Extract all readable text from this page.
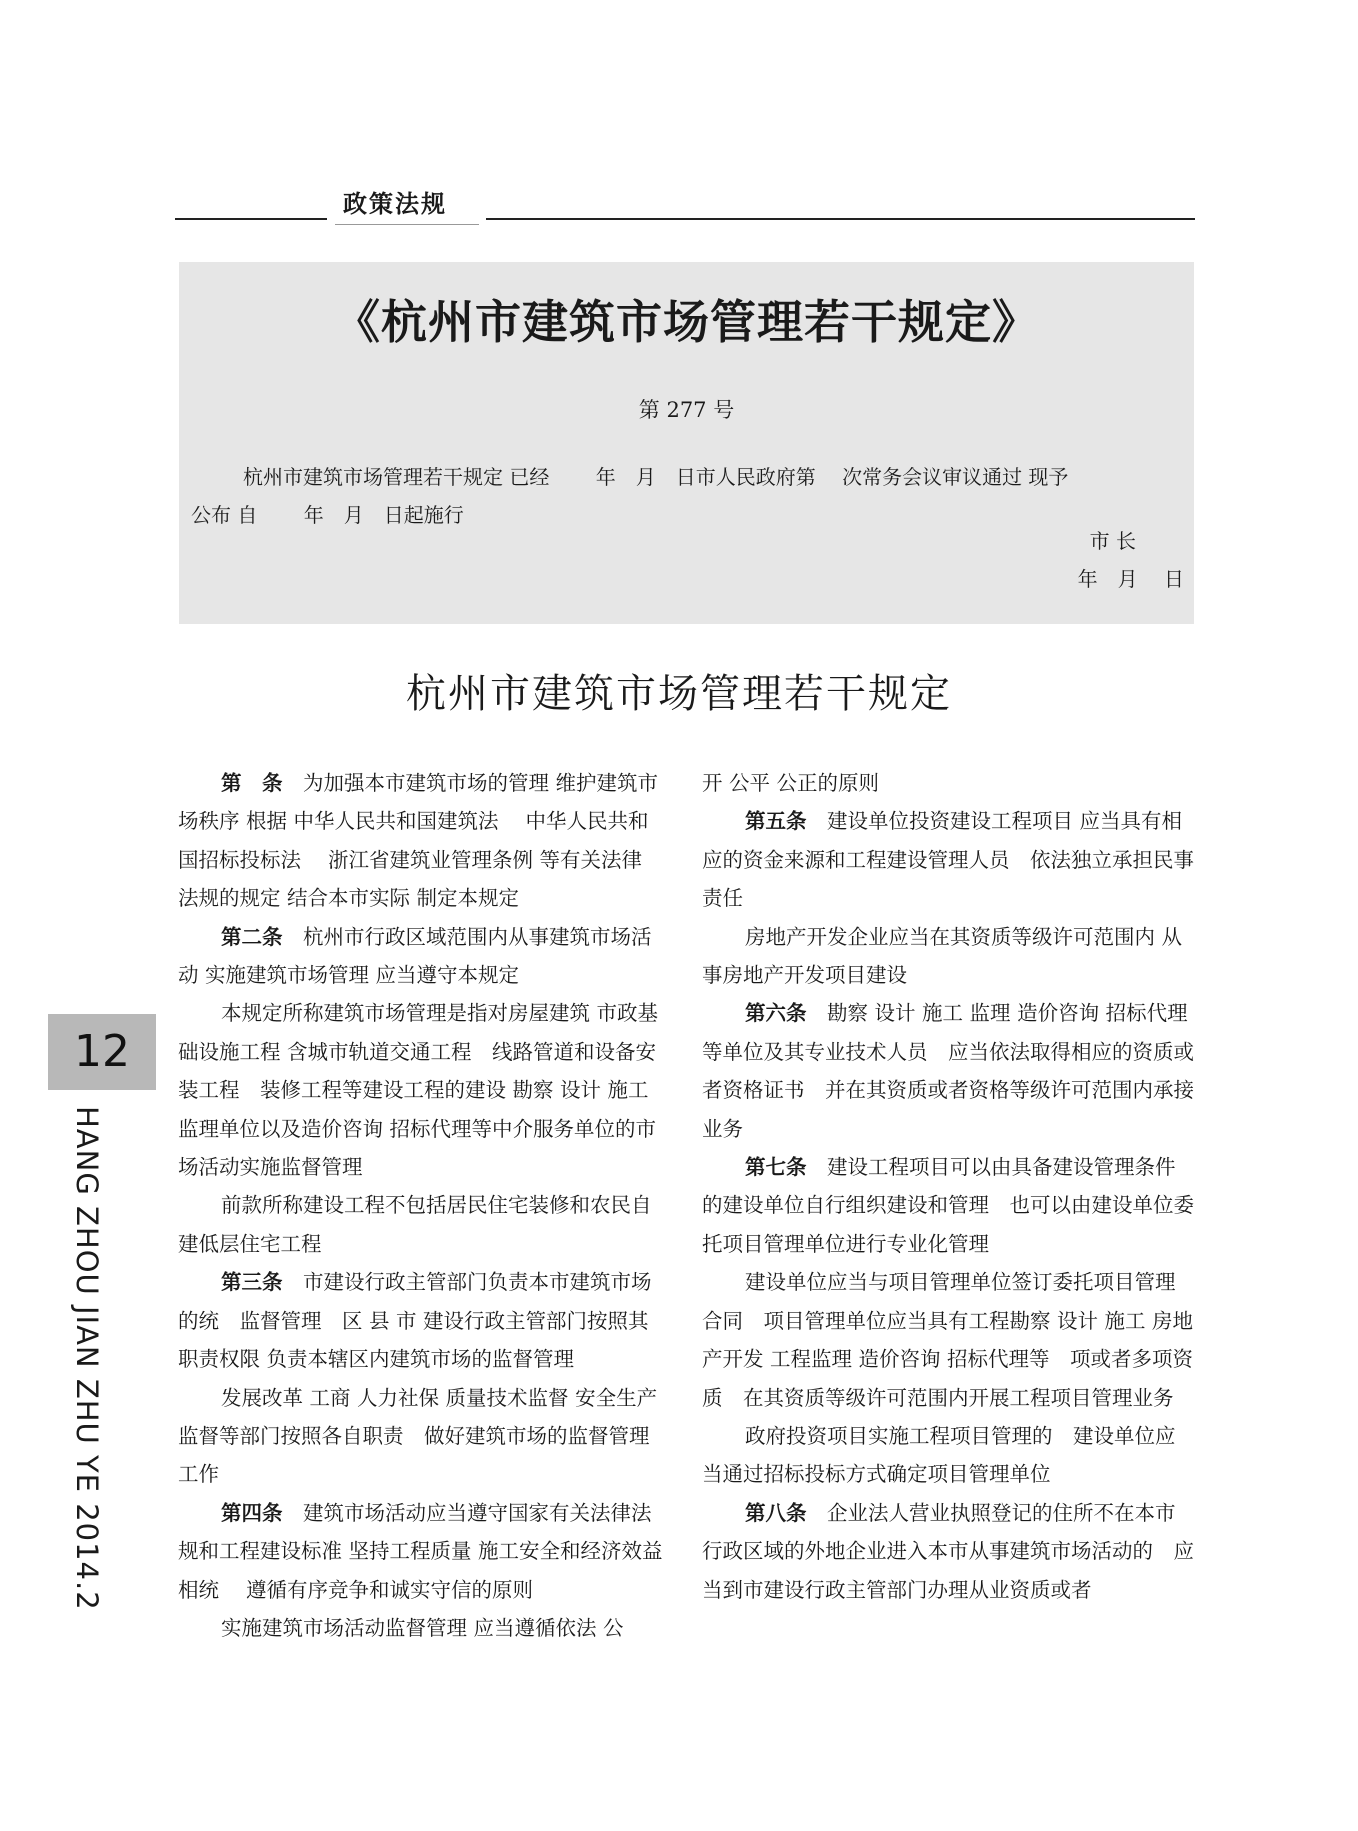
政策法规
《杭州市建筑市场管理若干规定》
第 277 号
杭州市建筑市场管理若干规定 已经　　 年　月　日市人民政府第　 次常务会议审议通过 现予
公布 自　　 年　月　日起施行
市 长
年　月　 日
杭州市建筑市场管理若干规定

第　条　 为加强本市建筑市场的管理 维护建筑市场秩序 根据 中华人民共和国建筑法　 中华人民共和国招标投标法　 浙江省建筑业管理条例 等有关法律 法规的规定 结合本市实际 制定本规定

第二条　 杭州市行政区域范围内从事建筑市场活动 实施建筑市场管理 应当遵守本规定

本规定所称建筑市场管理是指对房屋建筑 市政基础设施工程 含城市轨道交通工程　线路管道和设备安装工程　装修工程等建设工程的建设 勘察 设计 施工 监理单位以及造价咨询 招标代理等中介服务单位的市场活动实施监督管理

前款所称建设工程不包括居民住宅装修和农民自建低层住宅工程

第三条　 市建设行政主管部门负责本市建筑市场的统　监督管理　区 县 市 建设行政主管部门按照其职责权限 负责本辖区内建筑市场的监督管理

发展改革 工商 人力社保 质量技术监督 安全生产监督等部门按照各自职责　做好建筑市场的监督管理工作

第四条　 建筑市场活动应当遵守国家有关法律法规和工程建设标准 坚持工程质量 施工安全和经济效益相统　 遵循有序竞争和诚实守信的原则

实施建筑市场活动监督管理 应当遵循依法 公

开 公平 公正的原则

第五条　 建设单位投资建设工程项目 应当具有相应的资金来源和工程建设管理人员　依法独立承担民事责任

房地产开发企业应当在其资质等级许可范围内 从事房地产开发项目建设

第六条　 勘察 设计 施工 监理 造价咨询 招标代理等单位及其专业技术人员　应当依法取得相应的资质或者资格证书　并在其资质或者资格等级许可范围内承接业务

第七条　 建设工程项目可以由具备建设管理条件的建设单位自行组织建设和管理　也可以由建设单位委托项目管理单位进行专业化管理

建设单位应当与项目管理单位签订委托项目管理合同　项目管理单位应当具有工程勘察 设计 施工 房地产开发 工程监理 造价咨询 招标代理等　项或者多项资质　在其资质等级许可范围内开展工程项目管理业务

政府投资项目实施工程项目管理的　建设单位应当通过招标投标方式确定项目管理单位

第八条　 企业法人营业执照登记的住所不在本市行政区域的外地企业进入本市从事建筑市场活动的　应当到市建设行政主管部门办理从业资质或者

12
HANG ZHOU JIAN ZHU YE 2014.2
